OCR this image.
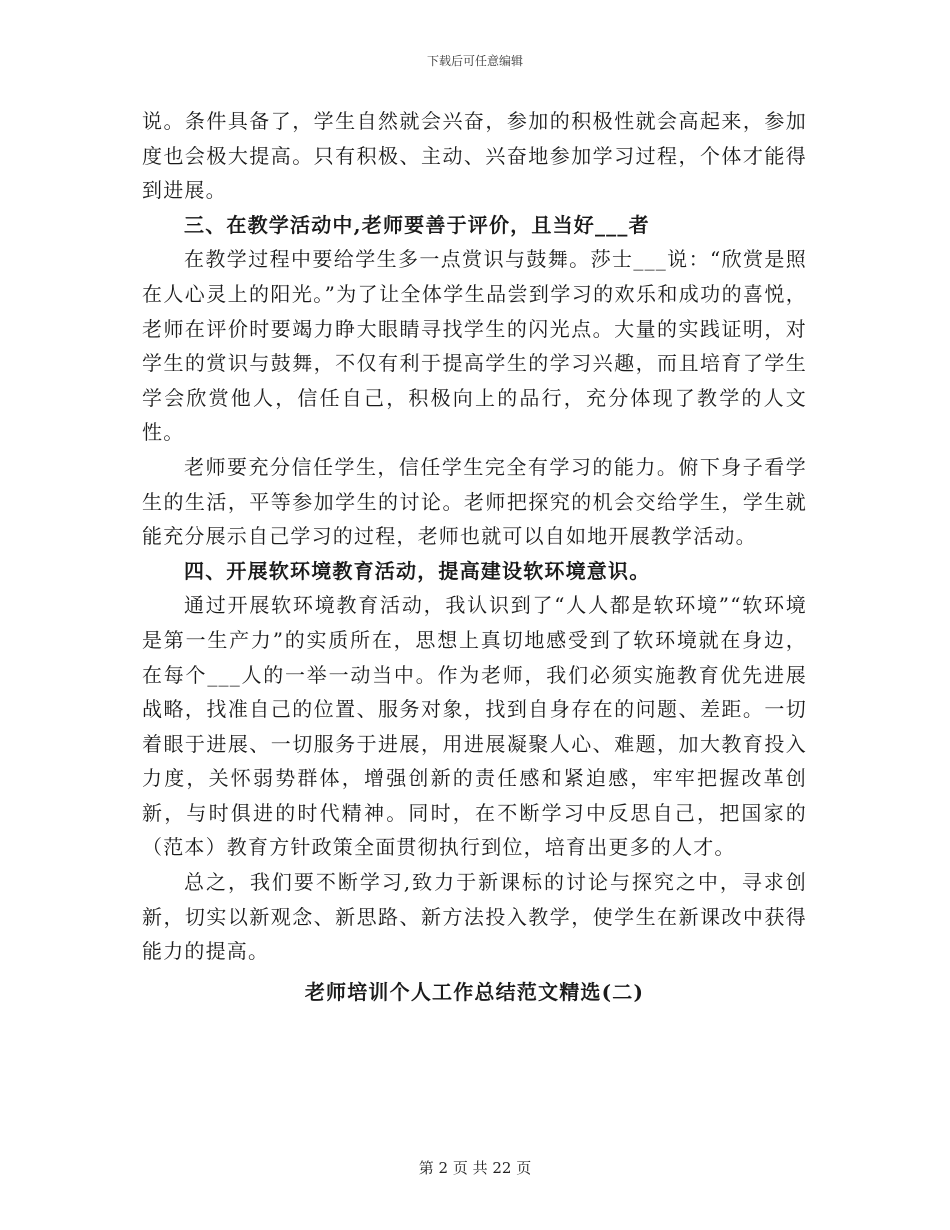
下载后可任意编辑

说。条件具备了，学生自然就会兴奋，参加的积极性就会高起来，参加度也会极大提高。只有积极、主动、兴奋地参加学习过程，个体才能得到进展。

三、在教学活动中,老师要善于评价，且当好___者

在教学过程中要给学生多一点赏识与鼓舞。莎士___说：“欣赏是照在人心灵上的阳光。”为了让全体学生品尝到学习的欢乐和成功的喜悦，老师在评价时要竭力睁大眼睛寻找学生的闪光点。大量的实践证明，对学生的赏识与鼓舞，不仅有利于提高学生的学习兴趣，而且培育了学生学会欣赏他人，信任自己，积极向上的品行，充分体现了教学的人文性。

老师要充分信任学生，信任学生完全有学习的能力。俯下身子看学生的生活，平等参加学生的讨论。老师把探究的机会交给学生，学生就能充分展示自己学习的过程，老师也就可以自如地开展教学活动。

四、开展软环境教育活动，提高建设软环境意识。

通过开展软环境教育活动，我认识到了“人人都是软环境”“软环境是第一生产力”的实质所在，思想上真切地感受到了软环境就在身边，在每个___人的一举一动当中。作为老师，我们必须实施教育优先进展战略，找准自己的位置、服务对象，找到自身存在的问题、差距。一切着眼于进展、一切服务于进展，用进展凝聚人心、难题，加大教育投入力度，关怀弱势群体，增强创新的责任感和紧迫感，牢牢把握改革创新，与时俱进的时代精神。同时，在不断学习中反思自己，把国家的（范本）教育方针政策全面贯彻执行到位，培育出更多的人才。

总之，我们要不断学习,致力于新课标的讨论与探究之中，寻求创新，切实以新观念、新思路、新方法投入教学，使学生在新课改中获得能力的提高。

老师培训个人工作总结范文精选(二)

第 2 页 共 22 页
